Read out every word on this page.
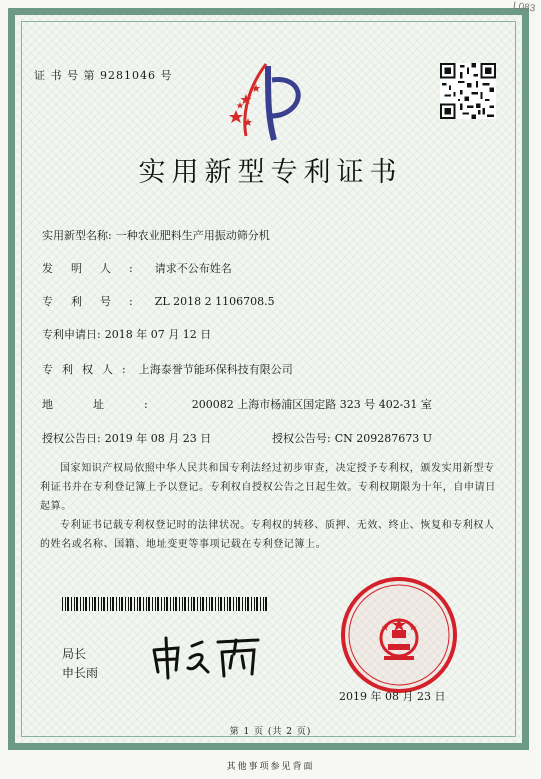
L083
证 书 号 第 9281046 号
实用新型专利证书
实用新型名称: 一种农业肥料生产用振动筛分机
发明人: 请求不公布姓名
专利号: ZL 2018 2 1106708.5
专利申请日: 2018 年 07 月 12 日
专利权人: 上海泰誉节能环保科技有限公司
地址: 200082 上海市杨浦区国定路 323 号 402-31 室
授权公告日: 2019 年 08 月 23 日	授权公告号: CN 209287673 U
国家知识产权局依照中华人民共和国专利法经过初步审查，决定授予专利权，颁发实用新型专利证书并在专利登记簿上予以登记。专利权自授权公告之日起生效。专利权期限为十年，自申请日起算。
专利证书记载专利权登记时的法律状况。专利权的转移、质押、无效、终止、恢复和专利权人的姓名或名称、国籍、地址变更等事项记载在专利登记簿上。
局长
申长雨
2019 年 08 月 23 日
第 1 页 (共 2 页)
其他事项参见背面
